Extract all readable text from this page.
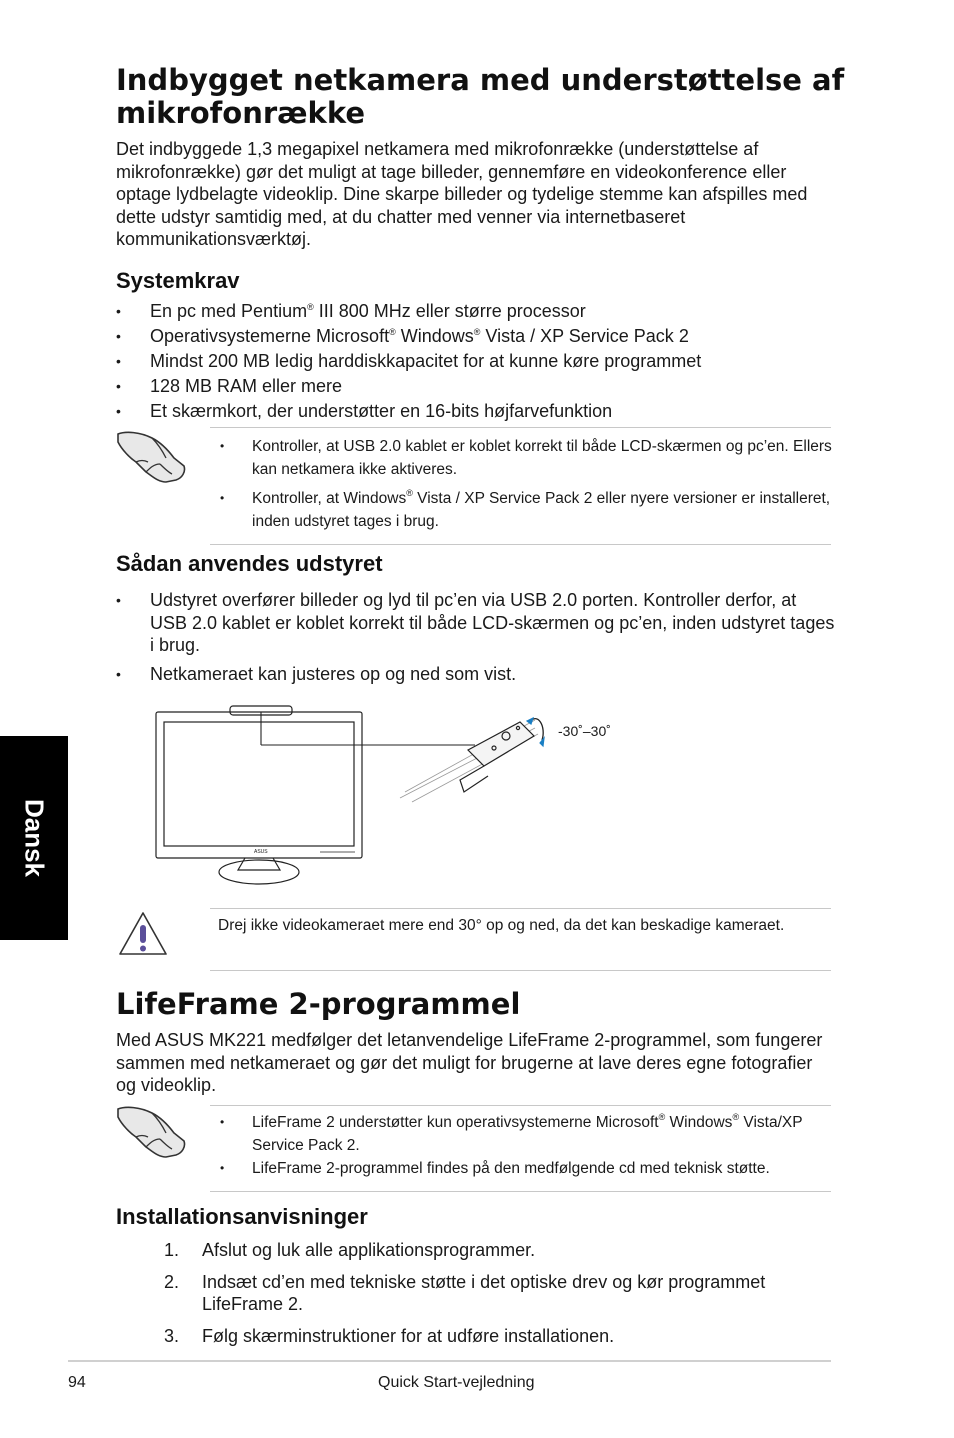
Indbygget netkamera med understøttelse af
mikrofonrække

Det indbyggede 1,3 megapixel netkamera med mikrofonrække (understøttelse af mikrofonrække) gør det muligt at tage billeder, gennemføre en videokonference eller optage lydbelagte videoklip. Dine skarpe billeder og tydelige stemme kan afspilles med dette udstyr samtidig med, at du chatter med venner via internetbaseret kommunikationsværktøj.

Systemkrav
• En pc med Pentium® III 800 MHz eller større processor
• Operativsystemerne Microsoft® Windows® Vista / XP Service Pack 2
• Mindst 200 MB ledig harddiskkapacitet for at kunne køre programmet
• 128 MB RAM eller mere
• Et skærmkort, der understøtter en 16-bits højfarvefunktion
• Kontroller, at USB 2.0 kablet er koblet korrekt til både LCD-skærmen og pc’en. Ellers kan netkamera ikke aktiveres.
• Kontroller, at Windows® Vista / XP Service Pack 2 eller nyere versioner er installeret, inden udstyret tages i brug.
Sådan anvendes udstyret
• Udstyret overfører billeder og lyd til pc’en via USB 2.0 porten. Kontroller derfor, at USB 2.0 kablet er koblet korrekt til både LCD-skærmen og pc’en, inden udstyret tages i brug.
• Netkameraet kan justeres op og ned som vist.
ASUS
-30˚–30˚

Drej ikke videokameraet mere end 30° op og ned, da det kan beskadige kameraet.

LifeFrame 2-programmel

Med ASUS MK221 medfølger det letanvendelige LifeFrame 2-programmel, som fungerer sammen med netkameraet og gør det muligt for brugerne at lave deres egne fotografier og videoklip.

• LifeFrame 2 understøtter kun operativsystemerne Microsoft® Windows® Vista/XP Service Pack 2.
• LifeFrame 2-programmel findes på den medfølgende cd med teknisk støtte.
Installationsanvisninger
1. Afslut og luk alle applikationsprogrammer.
2. Indsæt cd’en med tekniske støtte i det optiske drev og kør programmet LifeFrame 2.
3. Følg skærminstruktioner for at udføre installationen.
Dansk
94	Quick Start-vejledning
